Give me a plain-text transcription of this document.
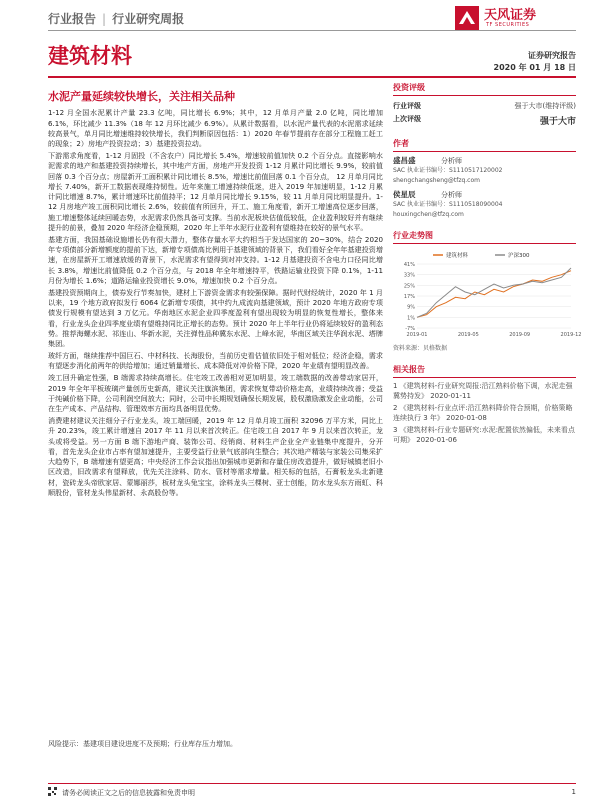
行业报告 | 行业研究周报	天风证券
TF SECURITIES
建筑材料	证券研究报告
2020 年 01 月 18 日
水泥产量延续较快增长，关注相关品种

1-12 月全国水泥累计产量 23.3 亿吨，同比增长 6.9%；其中，12 月单月产量 2.0 亿吨，同比增加 6.1%，环比减少 11.3%（18 年 12 月环比减少 6.9%）。从累计数据看，以水泥产量代表的水泥需求延续较高景气，单月同比增速维持较快增长，我们判断原因包括：1）2020 年春节提前存在部分工程施工赶工的现象；2）房地产投资拉动；3）基建投资拉动。

下游需求角度看，1-12 月固投（不含农户）同比增长 5.4%，增速较前值加快 0.2 个百分点。直接影响水泥需求的地产和基建投资持续增长，其中地产方面，房地产开发投资 1-12 月累计同比增长 9.9%，较前值回落 0.3 个百分点；房屋新开工面积累计同比增长 8.5%，增速比前值回落 0.1 个百分点， 12 月单月同比增长 7.40%，新开工数据表现维持韧性。近年来施工增速持续低迷，进入 2019 年加速明显，1-12 月累计同比增速 8.7%，累计增速环比前值持平；12 月单月同比增长 9.15%，较 11 月单月同比明显提升。1-12 月房地产竣工面积同比增长 2.6%，较前值有所回升，开工、施工角度看，新开工增速高位逐步回落，施工增速整体延续回暖态势，水泥需求仍然具备可支撑。当前水泥板块估值低较低，企业盈利较好并有继续提升的前景，叠加 2020 年经济企稳预期，2020 年上半年水泥行业盈利有望维持在较好的景气水平。

基建方面，我国基础设施增长仍有很大潜力，整体存量水平大约相当于发达国家的 20~30%，结合 2020 年专项债部分新增额度的提前下达，新增专项债高比例用于基建领域的背景下，我们看好全年年基建投资增速，在房屋新开工增速放缓的背景下，水泥需求有望得到对冲支持。1-12 月基建投资不含电力口径同比增长 3.8%，增速比前值降低 0.2 个百分点，与 2018 年全年增速持平，铁路运输业投资下降 0.1%，1-11 月份为增长 1.6%；道路运输业投资增长 9.0%，增速加快 0.2 个百分点。

基建投资预期向上，债券发行节奏加快，建材上下游资金需求有较强保障。据时代财经统计，2020 年 1 月以来，19 个地方政府拟发行 6064 亿新增专项债，其中约九成流向基建领域，预计 2020 年地方政府专项债发行规模有望达到 3 万亿元。华南地区水泥企业四季度盈利有望出现较为明显的恢复性增长，整体来看，行业龙头企业四季度业绩有望维持同比正增长的态势。预计 2020 年上半年行业仍将延续较好的盈利态势。推荐海螺水泥、祁连山、华新水泥，关注弹性品种冀东水泥、上峰水泥，华南区域关注华润水泥、塔牌集团。

玻纤方面，继续推荐中国巨石、中材科技、长海股份，当前历史看估值依旧处于相对低位；经济企稳，需求有望逐步消化前两年的供给增加；通过销量增长、成本降低对冲价格下降，2020 年业绩有望明显改善。

竣工回升确定性强，B 端需求持续高增长。住宅竣工改善相对更加明显，竣工端数据的改善带动家居开，2019 年全年平板玻璃产量创历史新高，建议关注旗滨集团，需求恢复带动价格走高，业绩持续改善；受益于纯碱价格下降，公司利润空间放大；同时，公司中长期规划确保长期发展，股权激励激发企业动能，公司在生产成本、产品结构、管理效率方面均具备明显优势。

消费建材建议关注细分子行业龙头，竣工端回暖，2019 年 12 月单月竣工面积 32096 万平方米，同比上升 20.23%，竣工累计增速自 2017 年 11 月以来首次转正。住宅竣工自 2017 年 9 月以来首次转正，龙头或将受益。另一方面 B 端下游地产商、装饰公司、经销商、材料生产企业全产业链集中度提升，分开看，首先龙头企业市占率有望加速提升，主要受益行业景气底部向生整合；其次地产精装与家装公司集采扩大趋势下，B 端增速有望更高；中央经济工作会议指出加强城市更新和存量住房改造提升，做好城镇老旧小区改造，旧改需求有望释放，优先关注涂料、防水、管材等需求增量。相关标的包括，石膏板龙头北新建材，瓷砖龙头帝欧家居、蒙娜丽莎，板材龙头兔宝宝，涂料龙头三棵树、亚士创能，防水龙头东方雨虹、科顺股份，管材龙头伟星新材、永高股份等。

风险提示：基建项目建设进度不及预期；行业库存压力增加。
投资评级
行业评级	强于大市(维持评级)
上次评级	强于大市
作者
盛昌盛	分析师
SAC 执业证书编号：S1110517120002
shengchangsheng@tfzq.com
侯星辰	分析师
SAC 执业证书编号：S1110518090004
houxingchen@tfzq.com
行业走势图
41%
33%
25%
17%
9%
1%
-7%
2019-01	2019-05	2019-09	2019-12
建筑材料	沪深300
资料来源：贝格数据
相关报告
1 《建筑材料-行业研究周报:沿江熟料价格下调，水泥走强冀势持发》 2020-01-11
2 《建筑材料-行业点评:沿江熟料降价符合预期，价格策略连续执行 3 年》 2020-01-08
3 《建筑材料-行业专题研究:水泥:配置依然偏低，未来看点可期》 2020-01-06
请务必阅读正文之后的信息披露和免责申明	1
